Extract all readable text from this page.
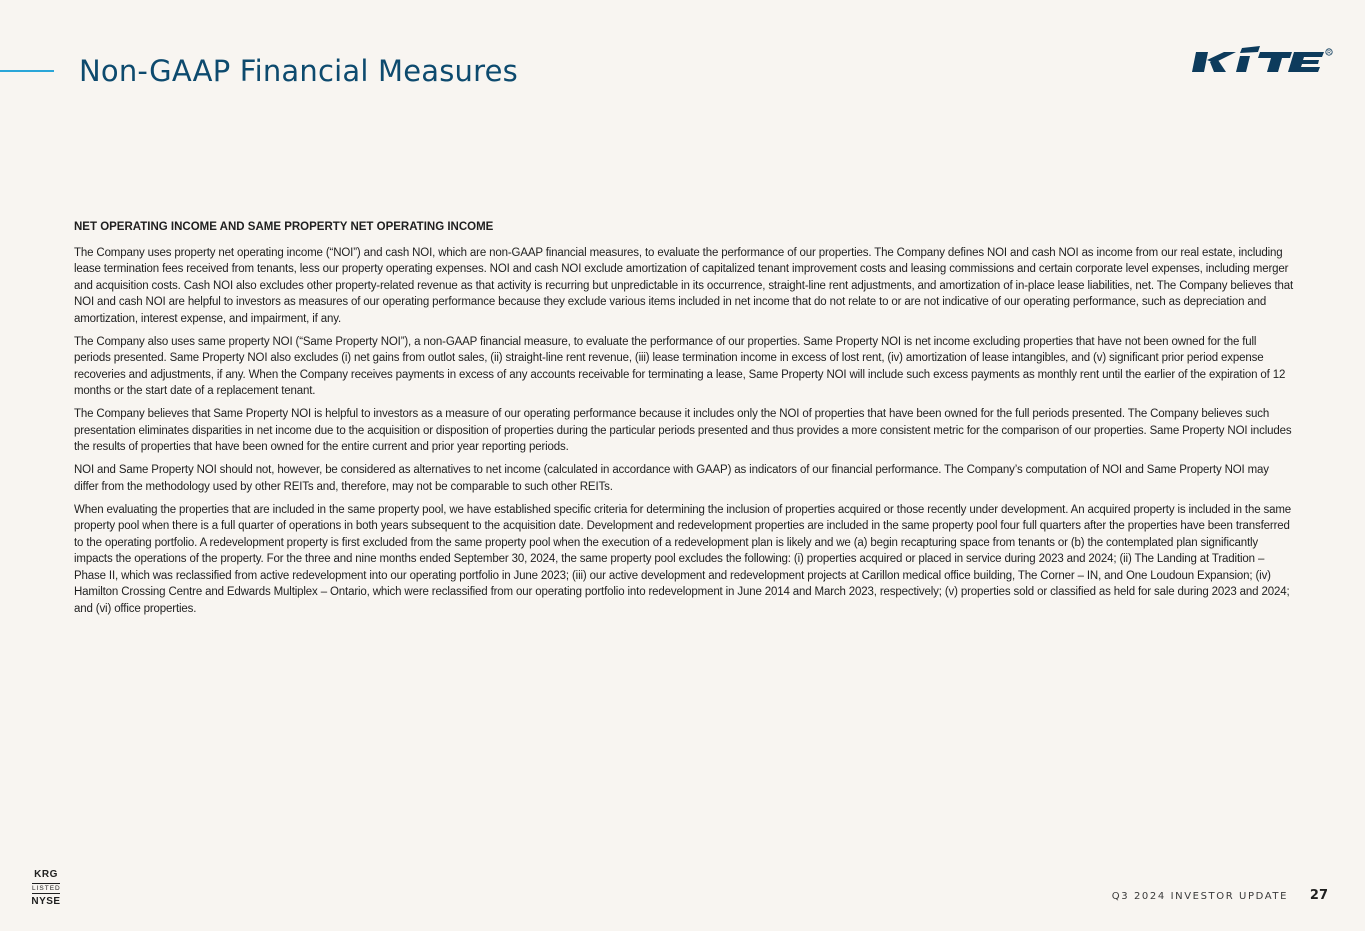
Non-GAAP Financial Measures
R
NET OPERATING INCOME AND SAME PROPERTY NET OPERATING INCOME

The Company uses property net operating income (“NOI”) and cash NOI, which are non-GAAP financial measures, to evaluate the performance of our properties. The Company defines NOI and cash NOI as income from our real estate, including lease termination fees received from tenants, less our property operating expenses. NOI and cash NOI exclude amortization of capitalized tenant improvement costs and leasing commissions and certain corporate level expenses, including merger and acquisition costs. Cash NOI also excludes other property-related revenue as that activity is recurring but unpredictable in its occurrence, straight-line rent adjustments, and amortization of in-place lease liabilities, net. The Company believes that NOI and cash NOI are helpful to investors as measures of our operating performance because they exclude various items included in net income that do not relate to or are not indicative of our operating performance, such as depreciation and amortization, interest expense, and impairment, if any.

The Company also uses same property NOI (“Same Property NOI”), a non-GAAP financial measure, to evaluate the performance of our properties. Same Property NOI is net income excluding properties that have not been owned for the full periods presented. Same Property NOI also excludes (i) net gains from outlot sales, (ii) straight-line rent revenue, (iii) lease termination income in excess of lost rent, (iv) amortization of lease intangibles, and (v) significant prior period expense recoveries and adjustments, if any. When the Company receives payments in excess of any accounts receivable for terminating a lease, Same Property NOI will include such excess payments as monthly rent until the earlier of the expiration of 12 months or the start date of a replacement tenant.

The Company believes that Same Property NOI is helpful to investors as a measure of our operating performance because it includes only the NOI of properties that have been owned for the full periods presented. The Company believes such presentation eliminates disparities in net income due to the acquisition or disposition of properties during the particular periods presented and thus provides a more consistent metric for the comparison of our properties. Same Property NOI includes the results of properties that have been owned for the entire current and prior year reporting periods.

NOI and Same Property NOI should not, however, be considered as alternatives to net income (calculated in accordance with GAAP) as indicators of our financial performance. The Company’s computation of NOI and Same Property NOI may differ from the methodology used by other REITs and, therefore, may not be comparable to such other REITs.

When evaluating the properties that are included in the same property pool, we have established specific criteria for determining the inclusion of properties acquired or those recently under development. An acquired property is included in the same property pool when there is a full quarter of operations in both years subsequent to the acquisition date. Development and redevelopment properties are included in the same property pool four full quarters after the properties have been transferred to the operating portfolio. A redevelopment property is first excluded from the same property pool when the execution of a redevelopment plan is likely and we (a) begin recapturing space from tenants or (b) the contemplated plan significantly impacts the operations of the property. For the three and nine months ended September 30, 2024, the same property pool excludes the following: (i) properties acquired or placed in service during 2023 and 2024; (ii) The Landing at Tradition – Phase II, which was reclassified from active redevelopment into our operating portfolio in June 2023; (iii) our active development and redevelopment projects at Carillon medical office building, The Corner – IN, and One Loudoun Expansion; (iv) Hamilton Crossing Centre and Edwards Multiplex – Ontario, which were reclassified from our operating portfolio into redevelopment in June 2014 and March 2023, respectively; (v) properties sold or classified as held for sale during 2023 and 2024; and (vi) office properties.

KRG
LISTED
NYSE	Q3 2024 INVESTOR UPDATE 27
